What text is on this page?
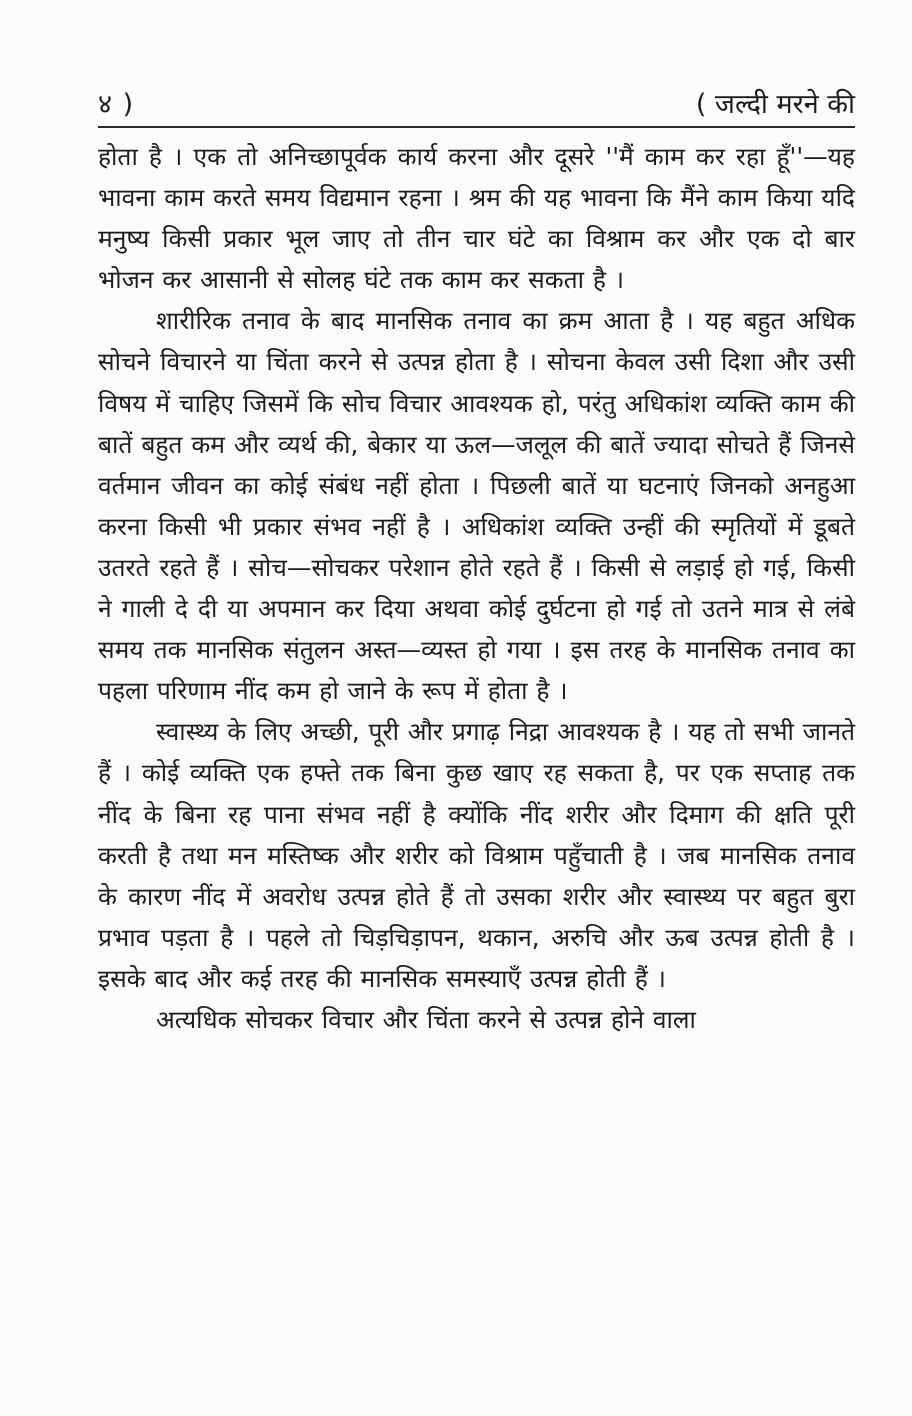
४ )	( जल्दी मरने की

होता है । एक तो अनिच्छापूर्वक कार्य करना और दूसरे ''मैं काम कर रहा हूँ''—यह भावना काम करते समय विद्यमान रहना । श्रम की यह भावना कि मैंने काम किया यदि मनुष्य किसी प्रकार भूल जाए तो तीन चार घंटे का विश्राम कर और एक दो बार भोजन कर आसानी से सोलह घंटे तक काम कर सकता है ।

शारीरिक तनाव के बाद मानसिक तनाव का क्रम आता है । यह बहुत अधिक सोचने विचारने या चिंता करने से उत्पन्न होता है । सोचना केवल उसी दिशा और उसी विषय में चाहिए जिसमें कि सोच विचार आवश्यक हो, परंतु अधिकांश व्यक्ति काम की बातें बहुत कम और व्यर्थ की, बेकार या ऊल—जलूल की बातें ज्यादा सोचते हैं जिनसे वर्तमान जीवन का कोई संबंध नहीं होता । पिछली बातें या घटनाएं जिनको अनहुआ करना किसी भी प्रकार संभव नहीं है । अधिकांश व्यक्ति उन्हीं की स्मृतियों में डूबते उतरते रहते हैं । सोच—सोचकर परेशान होते रहते हैं । किसी से लड़ाई हो गई, किसी ने गाली दे दी या अपमान कर दिया अथवा कोई दुर्घटना हो गई तो उतने मात्र से लंबे समय तक मानसिक संतुलन अस्त—व्यस्त हो गया । इस तरह के मानसिक तनाव का पहला परिणाम नींद कम हो जाने के रूप में होता है ।

स्वास्थ्य के लिए अच्छी, पूरी और प्रगाढ़ निद्रा आवश्यक है । यह तो सभी जानते हैं । कोई व्यक्ति एक हफ्ते तक बिना कुछ खाए रह सकता है, पर एक सप्ताह तक नींद के बिना रह पाना संभव नहीं है क्योंकि नींद शरीर और दिमाग की क्षति पूरी करती है तथा मन मस्तिष्क और शरीर को विश्राम पहुँचाती है । जब मानसिक तनाव के कारण नींद में अवरोध उत्पन्न होते हैं तो उसका शरीर और स्वास्थ्य पर बहुत बुरा प्रभाव पड़ता है । पहले तो चिड़चिड़ापन, थकान, अरुचि और ऊब उत्पन्न होती है । इसके बाद और कई तरह की मानसिक समस्याएँ उत्पन्न होती हैं ।

अत्यधिक सोचकर विचार और चिंता करने से उत्पन्न होने वाला
